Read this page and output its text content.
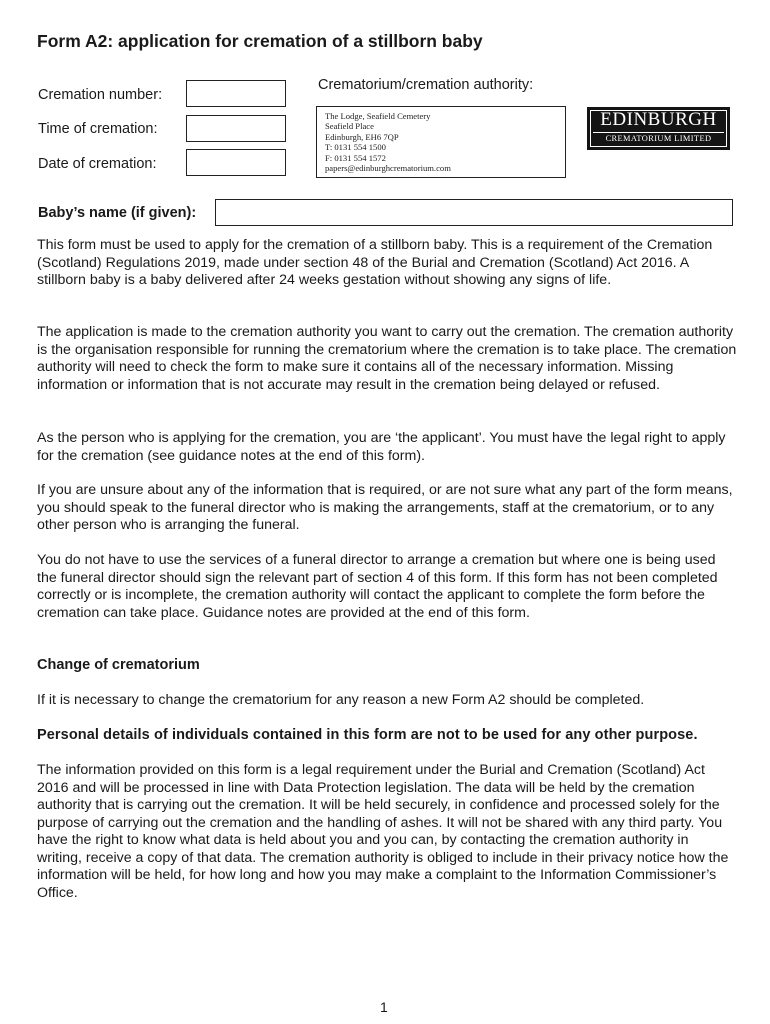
Form A2: application for cremation of a stillborn baby
Cremation number:
Time of cremation:
Date of cremation:
Crematorium/cremation authority:
The Lodge, Seafield Cemetery
Seafield Place
Edinburgh, EH6 7QP
T: 0131 554 1500
F: 0131 554 1572
papers@edinburghcrematorium.com
EDINBURGH
CREMATORIUM LIMITED
Baby’s name (if given):

This form must be used to apply for the cremation of a stillborn baby. This is a requirement of the Cremation (Scotland) Regulations 2019, made under section 48 of the Burial and Cremation (Scotland) Act 2016. A stillborn baby is a baby delivered after 24 weeks gestation without showing any signs of life.

The application is made to the cremation authority you want to carry out the cremation. The cremation authority is the organisation responsible for running the crematorium where the cremation is to take place. The cremation authority will need to check the form to make sure it contains all of the necessary information. Missing information or information that is not accurate may result in the cremation being delayed or refused.

As the person who is applying for the cremation, you are ‘the applicant’. You must have the legal right to apply for the cremation (see guidance notes at the end of this form).

If you are unsure about any of the information that is required, or are not sure what any part of the form means, you should speak to the funeral director who is making the arrangements, staff at the crematorium, or to any other person who is arranging the funeral.

You do not have to use the services of a funeral director to arrange a cremation but where one is being used the funeral director should sign the relevant part of section 4 of this form. If this form has not been completed correctly or is incomplete, the cremation authority will contact the applicant to complete the form before the cremation can take place. Guidance notes are provided at the end of this form.

Change of crematorium
If it is necessary to change the crematorium for any reason a new Form A2 should be completed.
Personal details of individuals contained in this form are not to be used for any other purpose.
The information provided on this form is a legal requirement under the Burial and Cremation (Scotland) Act 2016 and will be processed in line with Data Protection legislation. The data will be held by the cremation authority that is carrying out the cremation. It will be held securely, in confidence and processed solely for the purpose of carrying out the cremation and the handling of ashes. It will not be shared with any third party. You have the right to know what data is held about you and you can, by contacting the cremation authority in writing, receive a copy of that data. The cremation authority is obliged to include in their privacy notice how the information will be held, for how long and how you may make a complaint to the Information Commissioner’s Office.
1
